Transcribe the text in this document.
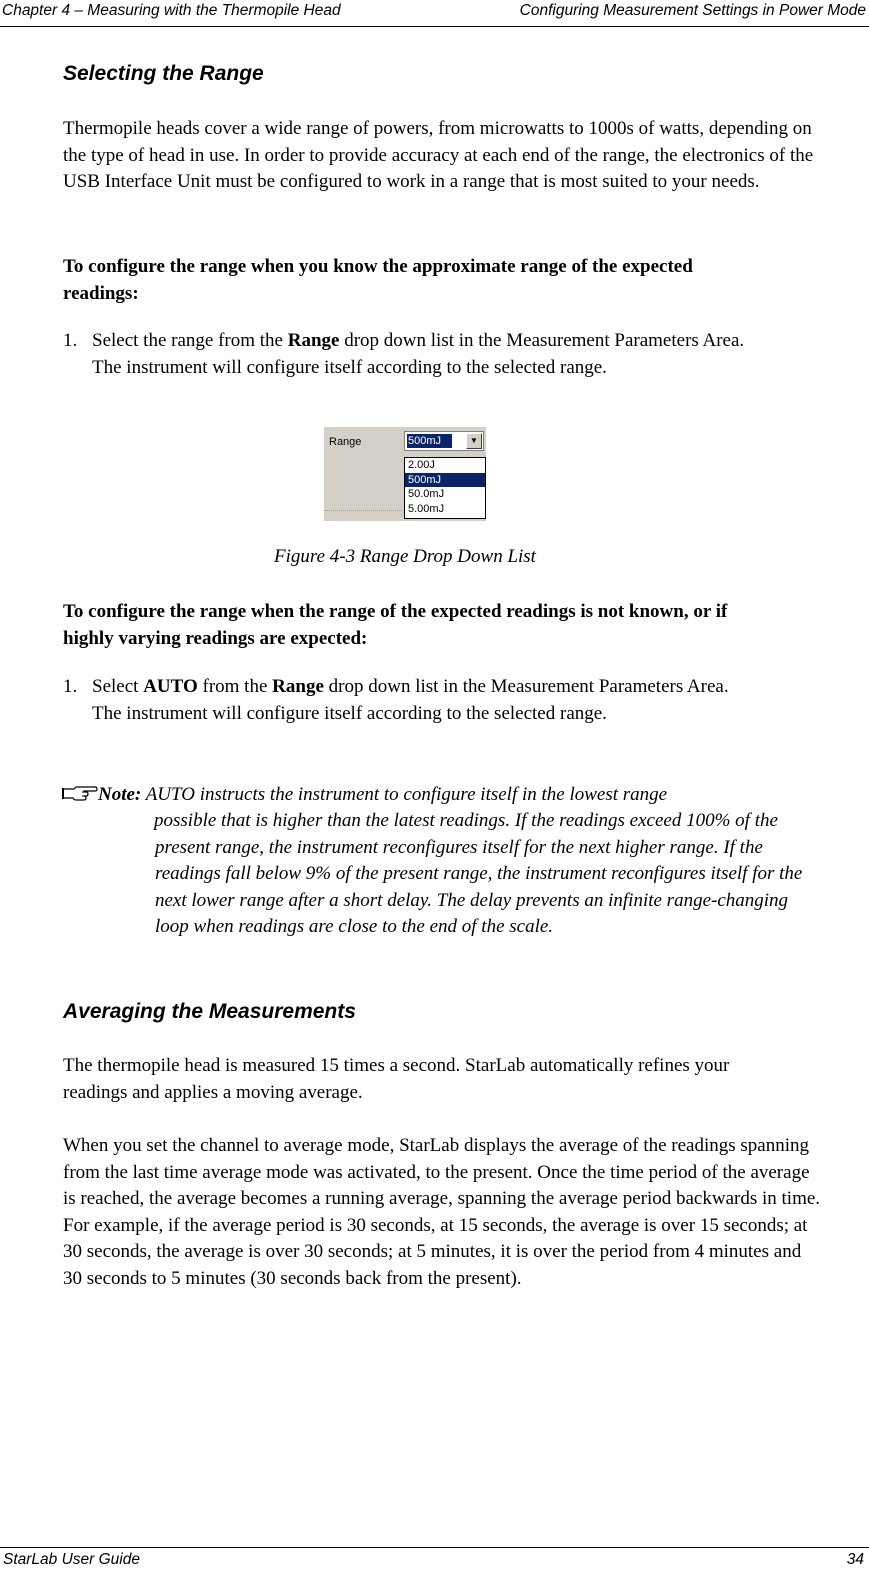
Chapter 4 – Measuring with the Thermopile Head	Configuring Measurement Settings in Power Mode
Selecting the Range

Thermopile heads cover a wide range of powers, from microwatts to 1000s of watts, depending on the type of head in use. In order to provide accuracy at each end of the range, the electronics of the USB Interface Unit must be configured to work in a range that is most suited to your needs.

To configure the range when you know the approximate range of the expected readings:

1. Select the range from the Range drop down list in the Measurement Parameters Area. The instrument will configure itself according to the selected range.

Range	500mJ	▼
2.00J
500mJ
50.0mJ
5.00mJ
Figure 4-3 Range Drop Down List

To configure the range when the range of the expected readings is not known, or if highly varying readings are expected:

1. Select AUTO from the Range drop down list in the Measurement Parameters Area. The instrument will configure itself according to the selected range.

Note: AUTO instructs the instrument to configure itself in the lowest range

possible that is higher than the latest readings. If the readings exceed 100% of the present range, the instrument reconfigures itself for the next higher range. If the readings fall below 9% of the present range, the instrument reconfigures itself for the next lower range after a short delay. The delay prevents an infinite range-changing loop when readings are close to the end of the scale.

Averaging the Measurements

The thermopile head is measured 15 times a second. StarLab automatically refines your readings and applies a moving average.

When you set the channel to average mode, StarLab displays the average of the readings spanning from the last time average mode was activated, to the present. Once the time period of the average is reached, the average becomes a running average, spanning the average period backwards in time. For example, if the average period is 30 seconds, at 15 seconds, the average is over 15 seconds; at 30 seconds, the average is over 30 seconds; at 5 minutes, it is over the period from 4 minutes and 30 seconds to 5 minutes (30 seconds back from the present).

StarLab User Guide	34
